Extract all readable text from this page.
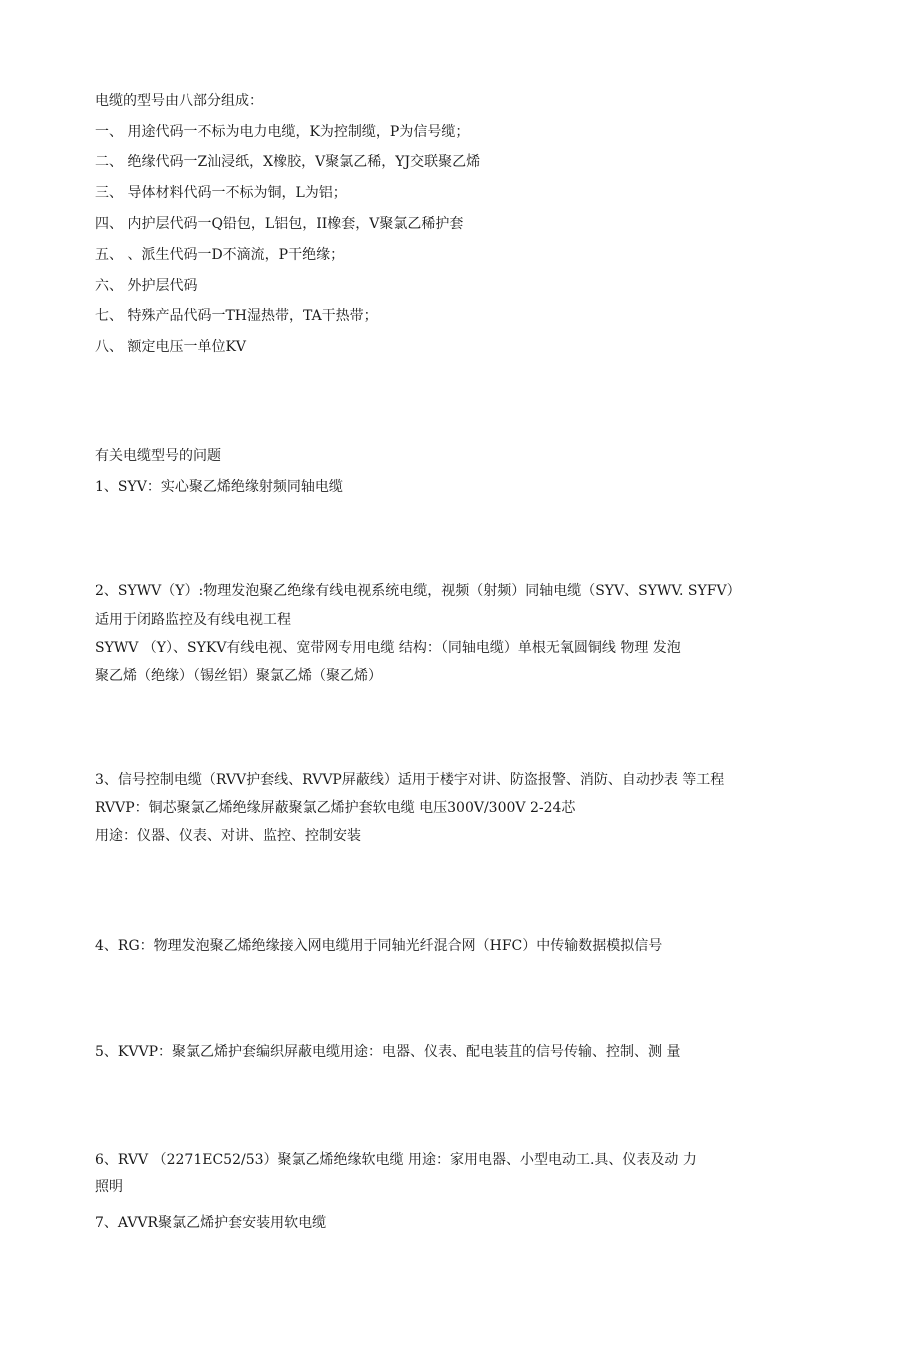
电缆的型号由八部分组成：
一、 用途代码一不标为电力电缆，K为控制缆，P为信号缆；
二、 绝缘代码一Z汕浸纸，X橡胶，V聚氯乙稀，YJ交联聚乙烯
三、 导体材料代码一不标为铜，L为铝；
四、 内护层代码一Q铅包，L铝包，II橡套，V聚氯乙稀护套
五、 、派生代码一D不滴流，P干绝缘；
六、 外护层代码
七、 特殊产品代码一TH湿热带，TA干热带；
八、 额定电压一单位KV
有关电缆型号的问题
1、SYV：实心聚乙烯绝缘射频同轴电缆
2、SYWV（Y）:物理发泡聚乙绝缘有线电视系统电缆，视频（射频）同轴电缆（SYV、SYWV. SYFV）
适用于闭路监控及有线电视工程
SYWV （Y）、SYKV有线电视、宽带网专用电缆 结构：（同轴电缆）单根无氧圆铜线 物理 发泡
聚乙烯（绝缘）（锡丝铝）聚氯乙烯（聚乙烯）
3、信号控制电缆（RVV护套线、RVVP屏蔽线）适用于楼宇对讲、防盗报警、消防、自动抄表 等工程
RVVP：铜芯聚氯乙烯绝缘屏蔽聚氯乙烯护套软电缆 电压300V/300V 2-24芯
用途：仪器、仪表、对讲、监控、控制安装
4、RG：物理发泡聚乙烯绝缘接入网电缆用于同轴光纤混合网（HFC）中传输数据模拟信号
5、KVVP：聚氯乙烯护套编织屏蔽电缆用途：电器、仪表、配电装苴的信号传输、控制、测 量
6、RVV （2271EC52/53）聚氯乙烯绝缘软电缆 用途：家用电器、小型电动工.具、仪表及动 力
照明
7、AVVR聚氯乙烯护套安装用软电缆
